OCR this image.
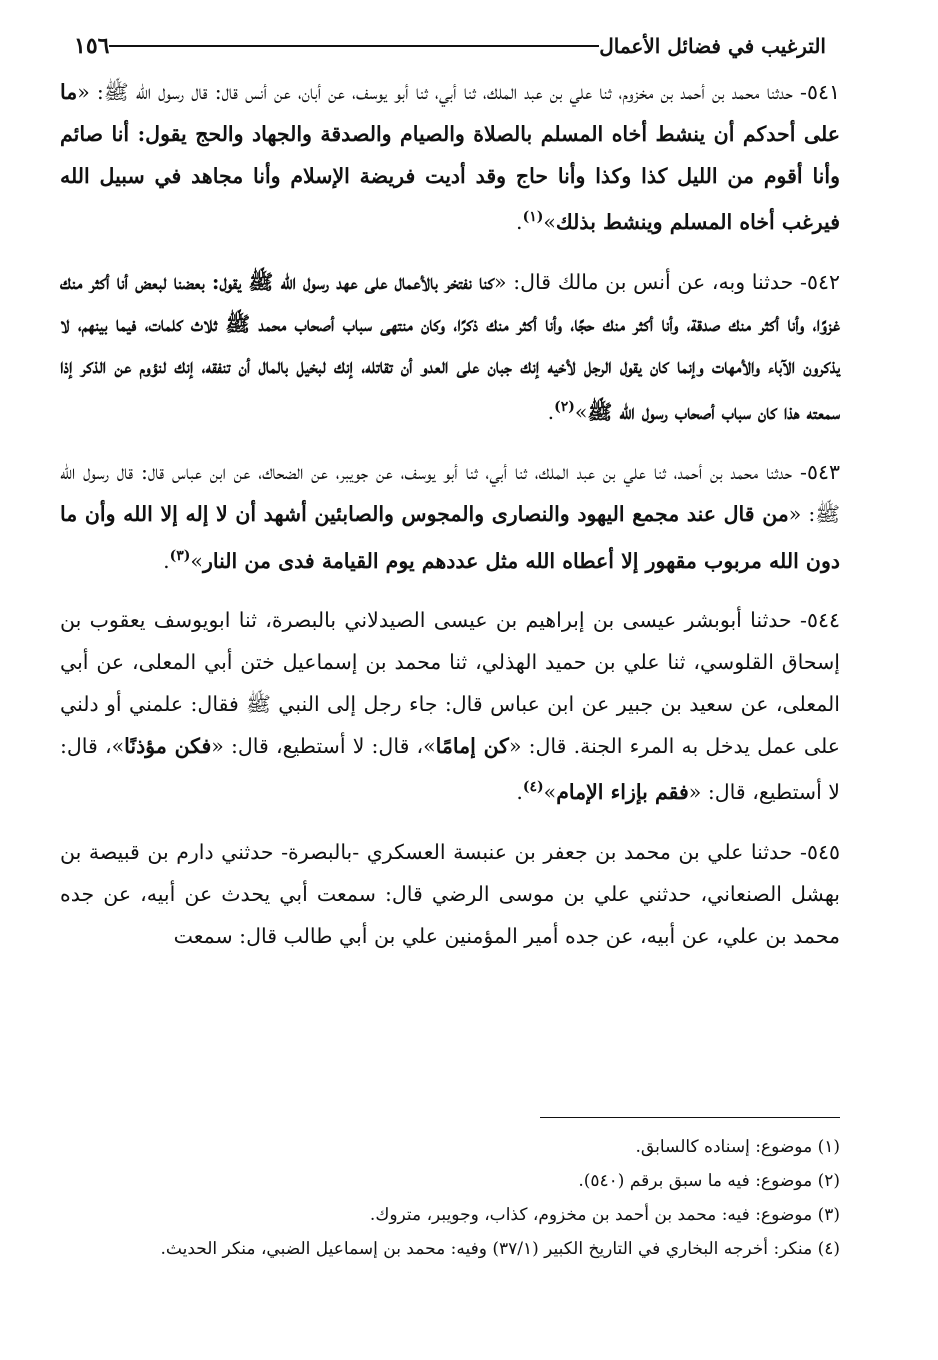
الترغيب في فضائل الأعمال
١٥٦

٥٤١- حدثنا محمد بن أحمد بن مخزوم، ثنا علي بن عبد الملك، ثنا أبي، ثنا أبو يوسف، عن أبان، عن أنس قال: قال رسول الله ﷺ: «ما على أحدكم أن ينشط أخاه المسلم بالصلاة والصيام والصدقة والجهاد والحج يقول: أنا صائم وأنا أقوم من الليل كذا وكذا وأنا حاج وقد أديت فريضة الإسلام وأنا مجاهد في سبيل الله فيرغب أخاه المسلم وينشط بذلك»$^{(١)}$.

٥٤٢- حدثنا وبه، عن أنس بن مالك قال: «كنا نفتخر بالأعمال على عهد رسول الله ﷺ يقول: بعضنا لبعض أنا أكثر منك غزوًا، وأنا أكثر منك صدقة، وأنا أكثر منك حجًا، وأنا أكثر منك ذكرًا، وكان منتهى سباب أصحاب محمد ﷺ ثلاث كلمات، فيما بينهم، لا يذكرون الآباء والأمهات وإنما كان يقول الرجل لأخيه إنك جبان على العدو أن تقاتله، إنك لبخيل بالمال أن تنفقه، إنك لنؤوم عن الذكر إذا سمعته هذا كان سباب أصحاب رسول الله ﷺ»$^{(٢)}$.

٥٤٣- حدثنا محمد بن أحمد، ثنا علي بن عبد الملك، ثنا أبي، ثنا أبو يوسف، عن جويبر، عن الضحاك، عن ابن عباس قال: قال رسول الله ﷺ: «من قال عند مجمع اليهود والنصارى والمجوس والصابئين أشهد أن لا إله إلا الله وأن ما دون الله مربوب مقهور إلا أعطاه الله مثل عددهم يوم القيامة فدى من النار»$^{(٣)}$.

٥٤٤- حدثنا أبوبشر عيسى بن إبراهيم بن عيسى الصيدلاني بالبصرة، ثنا ابويوسف يعقوب بن إسحاق القلوسي، ثنا علي بن حميد الهذلي، ثنا محمد بن إسماعيل ختن أبي المعلى، عن أبي المعلى، عن سعيد بن جبير عن ابن عباس قال: جاء رجل إلى النبي ﷺ فقال: علمني أو دلني على عمل يدخل به المرء الجنة. قال: «كن إمامًا»، قال: لا أستطيع، قال: «فكن مؤذنًا»، قال: لا أستطيع، قال: «فقم بإزاء الإمام»$^{(٤)}$.

٥٤٥- حدثنا علي بن محمد بن جعفر بن عنبسة العسكري -بالبصرة- حدثني دارم بن قبيصة بن بهشل الصنعاني، حدثني علي بن موسى الرضي قال: سمعت أبي يحدث عن أبيه، عن جده محمد بن علي، عن أبيه، عن جده أمير المؤمنين علي بن أبي طالب قال: سمعت

(١) موضوع: إسناده كالسابق.

(٢) موضوع: فيه ما سبق برقم (٥٤٠).

(٣) موضوع: فيه: محمد بن أحمد بن مخزوم، كذاب، وجويبر، متروك.

(٤) منكر: أخرجه البخاري في التاريخ الكبير (٣٧/١) وفيه: محمد بن إسماعيل الضبي، منكر الحديث.
